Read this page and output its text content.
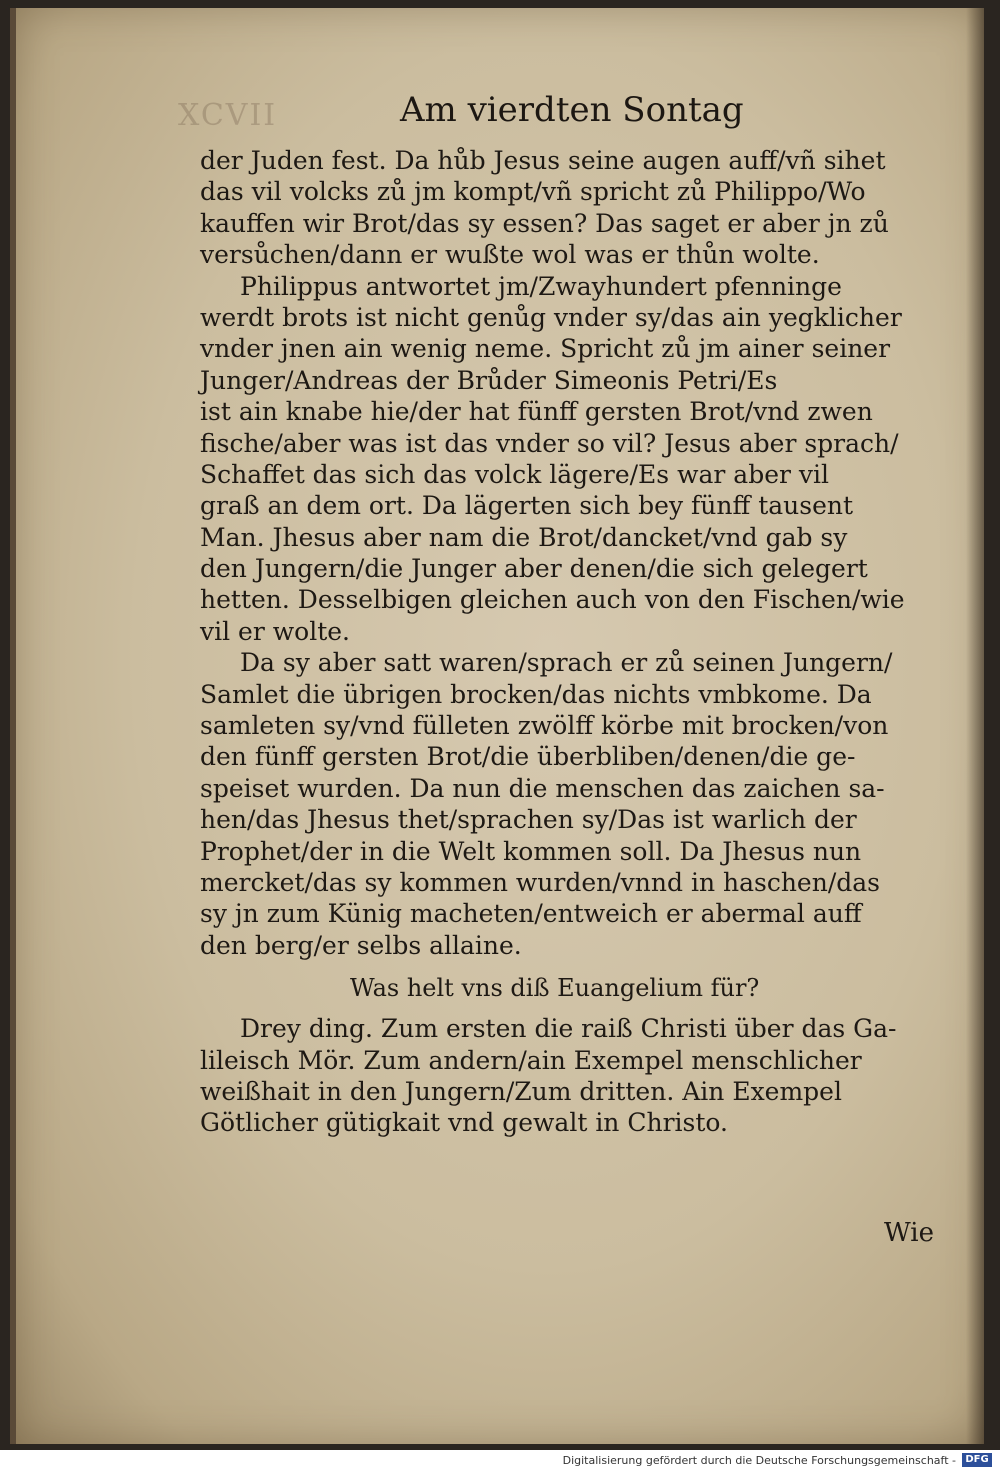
XCVII	Am vierdten Sontag
der Juden fest. Da hůb Jesus seine augen auff/vñ sihet
das vil volcks zů jm kompt/vñ spricht zů Philippo/Wo
kauffen wir Brot/das sy essen? Das saget er aber jn zů
versůchen/dann er wußte wol was er thůn wolte.
Philippus antwortet jm/Zwayhundert pfenninge
werdt brots ist nicht genůg vnder sy/das ain yegklicher
vnder jnen ain wenig neme. Spricht zů jm ainer seiner
Junger/Andreas der Brůder Simeonis Petri/Es
ist ain knabe hie/der hat fünff gersten Brot/vnd zwen
fische/aber was ist das vnder so vil? Jesus aber sprach/
Schaffet das sich das volck lägere/Es war aber vil
graß an dem ort. Da lägerten sich bey fünff tausent
Man. Jhesus aber nam die Brot/dancket/vnd gab sy
den Jungern/die Junger aber denen/die sich gelegert
hetten. Desselbigen gleichen auch von den Fischen/wie
vil er wolte.
Da sy aber satt waren/sprach er zů seinen Jungern/
Samlet die übrigen brocken/das nichts vmbkome. Da
samleten sy/vnd fülleten zwölff körbe mit brocken/von
den fünff gersten Brot/die überbliben/denen/die ge-
speiset wurden. Da nun die menschen das zaichen sa-
hen/das Jhesus thet/sprachen sy/Das ist warlich der
Prophet/der in die Welt kommen soll. Da Jhesus nun
mercket/das sy kommen wurden/vnnd in haschen/das
sy jn zum Künig macheten/entweich er abermal auff
den berg/er selbs allaine.
Was helt vns diß Euangelium für?
Drey ding. Zum ersten die raiß Christi über das Ga-
lileisch Mör. Zum andern/ain Exempel menschlicher
weißhait in den Jungern/Zum dritten. Ain Exempel
Götlicher gütigkait vnd gewalt in Christo.
Wie
Digitalisierung gefördert durch die Deutsche Forschungsgemeinschaft - DFG
